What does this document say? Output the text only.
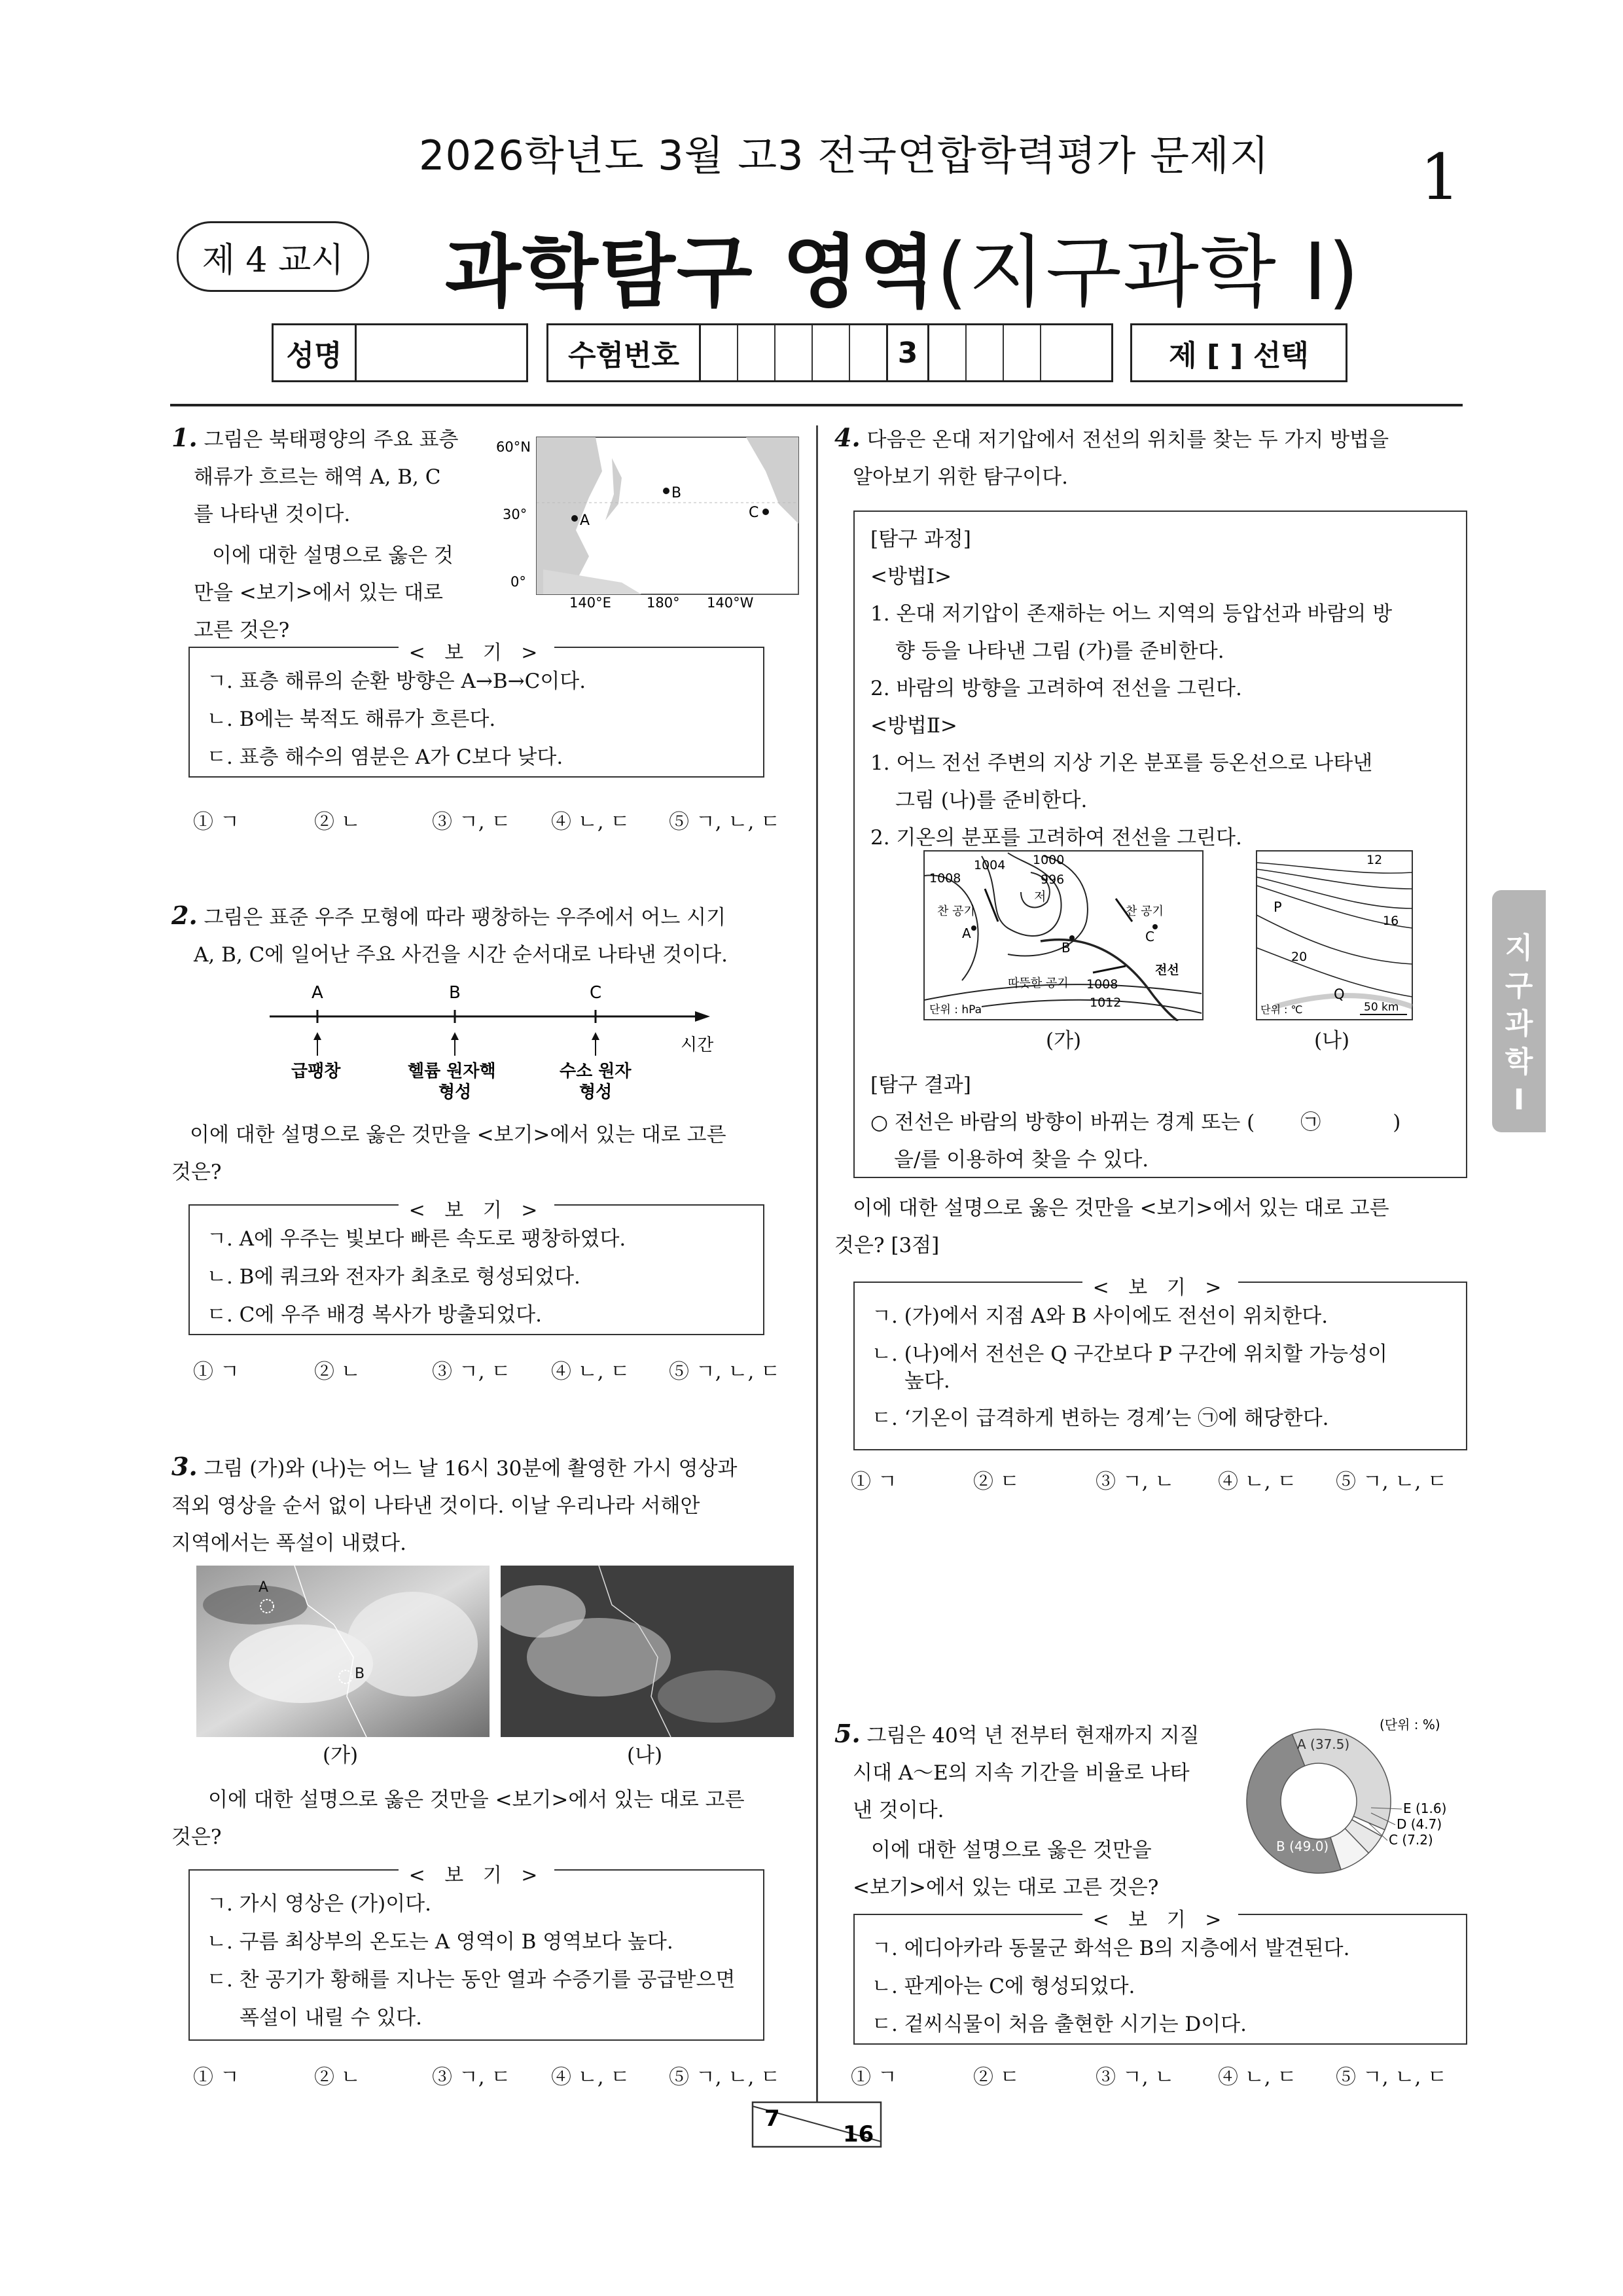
2026학년도 3월 고3 전국연합학력평가 문제지 1
제 4 교시 과학탐구 영역(지구과학 Ⅰ)
성명	수험번호	3	제 [ ] 선택
지구과학Ⅰ
1. 그림은 북태평양의 주요 표층
해류가 흐르는 해역 A, B, C
를 나타낸 것이다.
이에 대한 설명으로 옳은 것
만을 <보기>에서 있는 대로
고른 것은?
A
B
C
60°N
30°
0°
140°E	180° 140°W
< 보 기 >
ㄱ. 표층 해류의 순환 방향은 A→B→C이다.
ㄴ. B에는 북적도 해류가 흐른다.
ㄷ. 표층 해수의 염분은 A가 C보다 낮다.
① ㄱ	② ㄴ	③ ㄱ, ㄷ	④ ㄴ, ㄷ	⑤ ㄱ, ㄴ, ㄷ
2. 그림은 표준 우주 모형에 따라 팽창하는 우주에서 어느 시기
A, B, C에 일어난 주요 사건을 시간 순서대로 나타낸 것이다.
시간
A	B	C
급팽창	헬륨 원자핵
형성
수소 원자
형성
이에 대한 설명으로 옳은 것만을 <보기>에서 있는 대로 고른
것은?
< 보 기 >
ㄱ. A에 우주는 빛보다 빠른 속도로 팽창하였다.
ㄴ. B에 쿼크와 전자가 최초로 형성되었다.
ㄷ. C에 우주 배경 복사가 방출되었다.
① ㄱ	② ㄴ	③ ㄱ, ㄷ	④ ㄴ, ㄷ	⑤ ㄱ, ㄴ, ㄷ
3. 그림 (가)와 (나)는 어느 날 16시 30분에 촬영한 가시 영상과
적외 영상을 순서 없이 나타낸 것이다. 이날 우리나라 서해안
지역에서는 폭설이 내렸다.
A
B
(가)	(나)
이에 대한 설명으로 옳은 것만을 <보기>에서 있는 대로 고른
것은?
< 보 기 >
ㄱ. 가시 영상은 (가)이다.
ㄴ. 구름 최상부의 온도는 A 영역이 B 영역보다 높다.
ㄷ. 찬 공기가 황해를 지나는 동안 열과 수증기를 공급받으면
폭설이 내릴 수 있다.
① ㄱ	② ㄴ	③ ㄱ, ㄷ	④ ㄴ, ㄷ	⑤ ㄱ, ㄴ, ㄷ
4. 다음은 온대 저기압에서 전선의 위치를 찾는 두 가지 방법을
알아보기 위한 탐구이다.
[탐구 과정]
<방법Ⅰ>
1. 온대 저기압이 존재하는 어느 지역의 등압선과 바람의 방
향 등을 나타낸 그림 (가)를 준비한다.
2. 바람의 방향을 고려하여 전선을 그린다.
<방법Ⅱ>
1. 어느 전선 주변의 지상 기온 분포를 등온선으로 나타낸
그림 (나)를 준비한다.
2. 기온의 분포를 고려하여 전선을 그린다.
1008
1004 1000
996
1008
1012
저
찬 공기	찬 공기
따뜻한 공기
전선
A
B
C
단위 : hPa
12
16
20
P
Q
단위 : ℃	50 km
(가)	(나)
[탐구 결과]
○ 전선은 바람의 방향이 바뀌는 경계 또는 ( ㉠	)
을/를 이용하여 찾을 수 있다.
이에 대한 설명으로 옳은 것만을 <보기>에서 있는 대로 고른
것은? [3점]
< 보 기 >
ㄱ. (가)에서 지점 A와 B 사이에도 전선이 위치한다.
ㄴ. (나)에서 전선은 Q 구간보다 P 구간에 위치할 가능성이
높다.
ㄷ. ‘기온이 급격하게 변하는 경계’는 ㉠에 해당한다.
① ㄱ	② ㄷ	③ ㄱ, ㄴ	④ ㄴ, ㄷ	⑤ ㄱ, ㄴ, ㄷ
5. 그림은 40억 년 전부터 현재까지 지질
시대 A～E의 지속 기간을 비율로 나타
낸 것이다.
이에 대한 설명으로 옳은 것만을
<보기>에서 있는 대로 고른 것은?
(단위 : %)
A (37.5)
B (49.0)	C (7.2)
D (4.7)
E (1.6)
< 보 기 >
ㄱ. 에디아카라 동물군 화석은 B의 지층에서 발견된다.
ㄴ. 판게아는 C에 형성되었다.
ㄷ. 겉씨식물이 처음 출현한 시기는 D이다.
① ㄱ	② ㄷ	③ ㄱ, ㄴ	④ ㄴ, ㄷ	⑤ ㄱ, ㄴ, ㄷ
7
16
